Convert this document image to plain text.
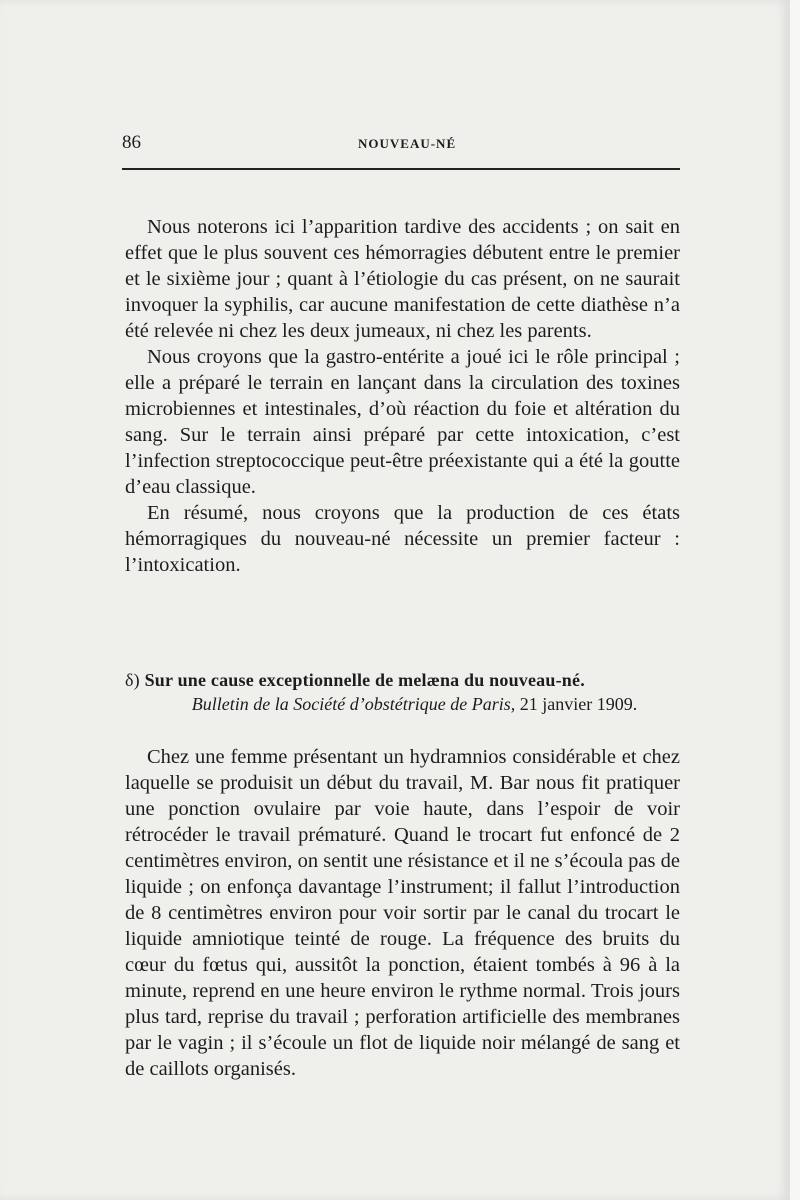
86	NOUVEAU-NÉ

Nous noterons ici l’apparition tardive des accidents ; on sait en effet que le plus souvent ces hémorragies débutent entre le premier et le sixième jour ; quant à l’étiologie du cas présent, on ne saurait invoquer la syphilis, car aucune manifestation de cette diathèse n’a été relevée ni chez les deux jumeaux, ni chez les parents.

Nous croyons que la gastro-entérite a joué ici le rôle principal ; elle a préparé le terrain en lançant dans la circulation des toxines microbiennes et intestinales, d’où réaction du foie et altération du sang. Sur le terrain ainsi préparé par cette intoxication, c’est l’infection streptococcique peut-être préexistante qui a été la goutte d’eau classique.

En résumé, nous croyons que la production de ces états hémorragiques du nouveau-né nécessite un premier facteur : l’intoxication.

δ) Sur une cause exceptionnelle de melæna du nouveau-né.
Bulletin de la Société d’obstétrique de Paris, 21 janvier 1909.

Chez une femme présentant un hydramnios considérable et chez laquelle se produisit un début du travail, M. Bar nous fit pratiquer une ponction ovulaire par voie haute, dans l’espoir de voir rétrocéder le travail prématuré. Quand le trocart fut enfoncé de 2 centimètres environ, on sentit une résistance et il ne s’écoula pas de liquide ; on enfonça davantage l’instrument; il fallut l’introduction de 8 centimètres environ pour voir sortir par le canal du trocart le liquide amniotique teinté de rouge. La fréquence des bruits du cœur du fœtus qui, aussitôt la ponction, étaient tombés à 96 à la minute, reprend en une heure environ le rythme normal. Trois jours plus tard, reprise du travail ; perforation artificielle des membranes par le vagin ; il s’écoule un flot de liquide noir mélangé de sang et de caillots organisés.
